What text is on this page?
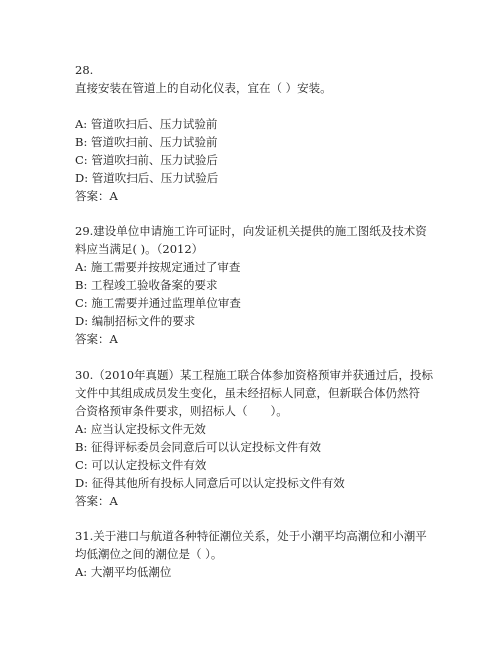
28.
直接安装在管道上的自动化仪表，宜在（ ）安装。
A: 管道吹扫后、压力试验前
B: 管道吹扫前、压力试验前
C: 管道吹扫前、压力试验后
D: 管道吹扫后、压力试验后
答案：A
29.建设单位申请施工许可证时，向发证机关提供的施工图纸及技术资
料应当满足( )。（2012）
A: 施工需要并按规定通过了审查
B: 工程竣工验收备案的要求
C: 施工需要并通过监理单位审查
D: 编制招标文件的要求
答案：A
30.（2010年真题）某工程施工联合体参加资格预审并获通过后，投标
文件中其组成成员发生变化，虽未经招标人同意，但新联合体仍然符
合资格预审条件要求，则招标人（　　）。
A: 应当认定投标文件无效
B: 征得评标委员会同意后可以认定投标文件有效
C: 可以认定投标文件有效
D: 征得其他所有投标人同意后可以认定投标文件有效
答案：A
31.关于港口与航道各种特征潮位关系，处于小潮平均高潮位和小潮平
均低潮位之间的潮位是（ ）。
A: 大潮平均低潮位
